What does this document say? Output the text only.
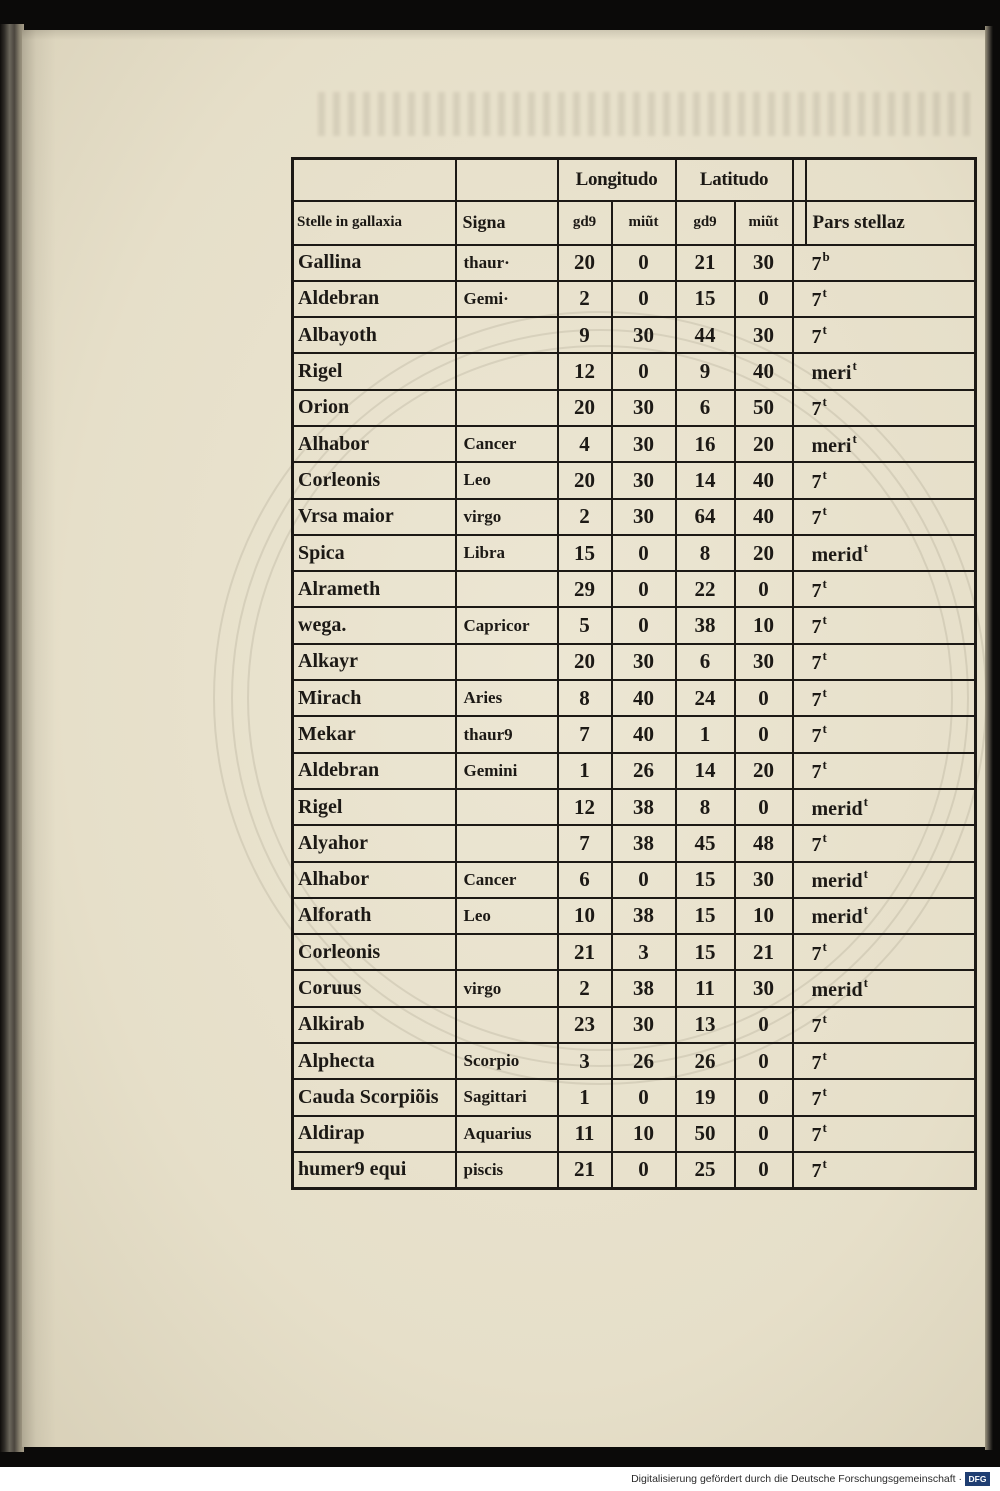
		Longitudo		Latitudo			
Stelle in gallaxia	Signa	gd9	miũt	gd9	miũt		Pars stellaz
Gallina	thaur·	20	0	21	30	7$^b$
Aldebran	Gemi·	2	0	15	0	7$^t$
Albayoth		9	30	44	30	7$^t$
Rigel		12	0	9	40	meri$^t$
Orion		20	30	6	50	7$^t$
Alhabor	Cancer	4	30	16	20	meri$^t$
Corleonis	Leo	20	30	14	40	7$^t$
Vrsa maior	virgo	2	30	64	40	7$^t$
Spica	Libra	15	0	8	20	merid$^t$
Alrameth		29	0	22	0	7$^t$
wega.	Capricor	5	0	38	10	7$^t$
Alkayr		20	30	6	30	7$^t$
Mirach	Aries	8	40	24	0	7$^t$
Mekar	thaur9	7	40	1	0	7$^t$
Aldebran	Gemini	1	26	14	20	7$^t$
Rigel		12	38	8	0	merid$^t$
Alyahor		7	38	45	48	7$^t$
Alhabor	Cancer	6	0	15	30	merid$^t$
Alforath	Leo	10	38	15	10	merid$^t$
Corleonis		21	3	15	21	7$^t$
Coruus	virgo	2	38	11	30	merid$^t$
Alkirab		23	30	13	0	7$^t$
Alphecta	Scorpio	3	26	26	0	7$^t$
Cauda Scorpiõis	Sagittari	1	0	19	0	7$^t$
Aldirap	Aquarius	11	10	50	0	7$^t$
humer9 equi	piscis	21	0	25	0	7$^t$
Digitalisierung gefördert durch die Deutsche Forschungsgemeinschaft · DFG
